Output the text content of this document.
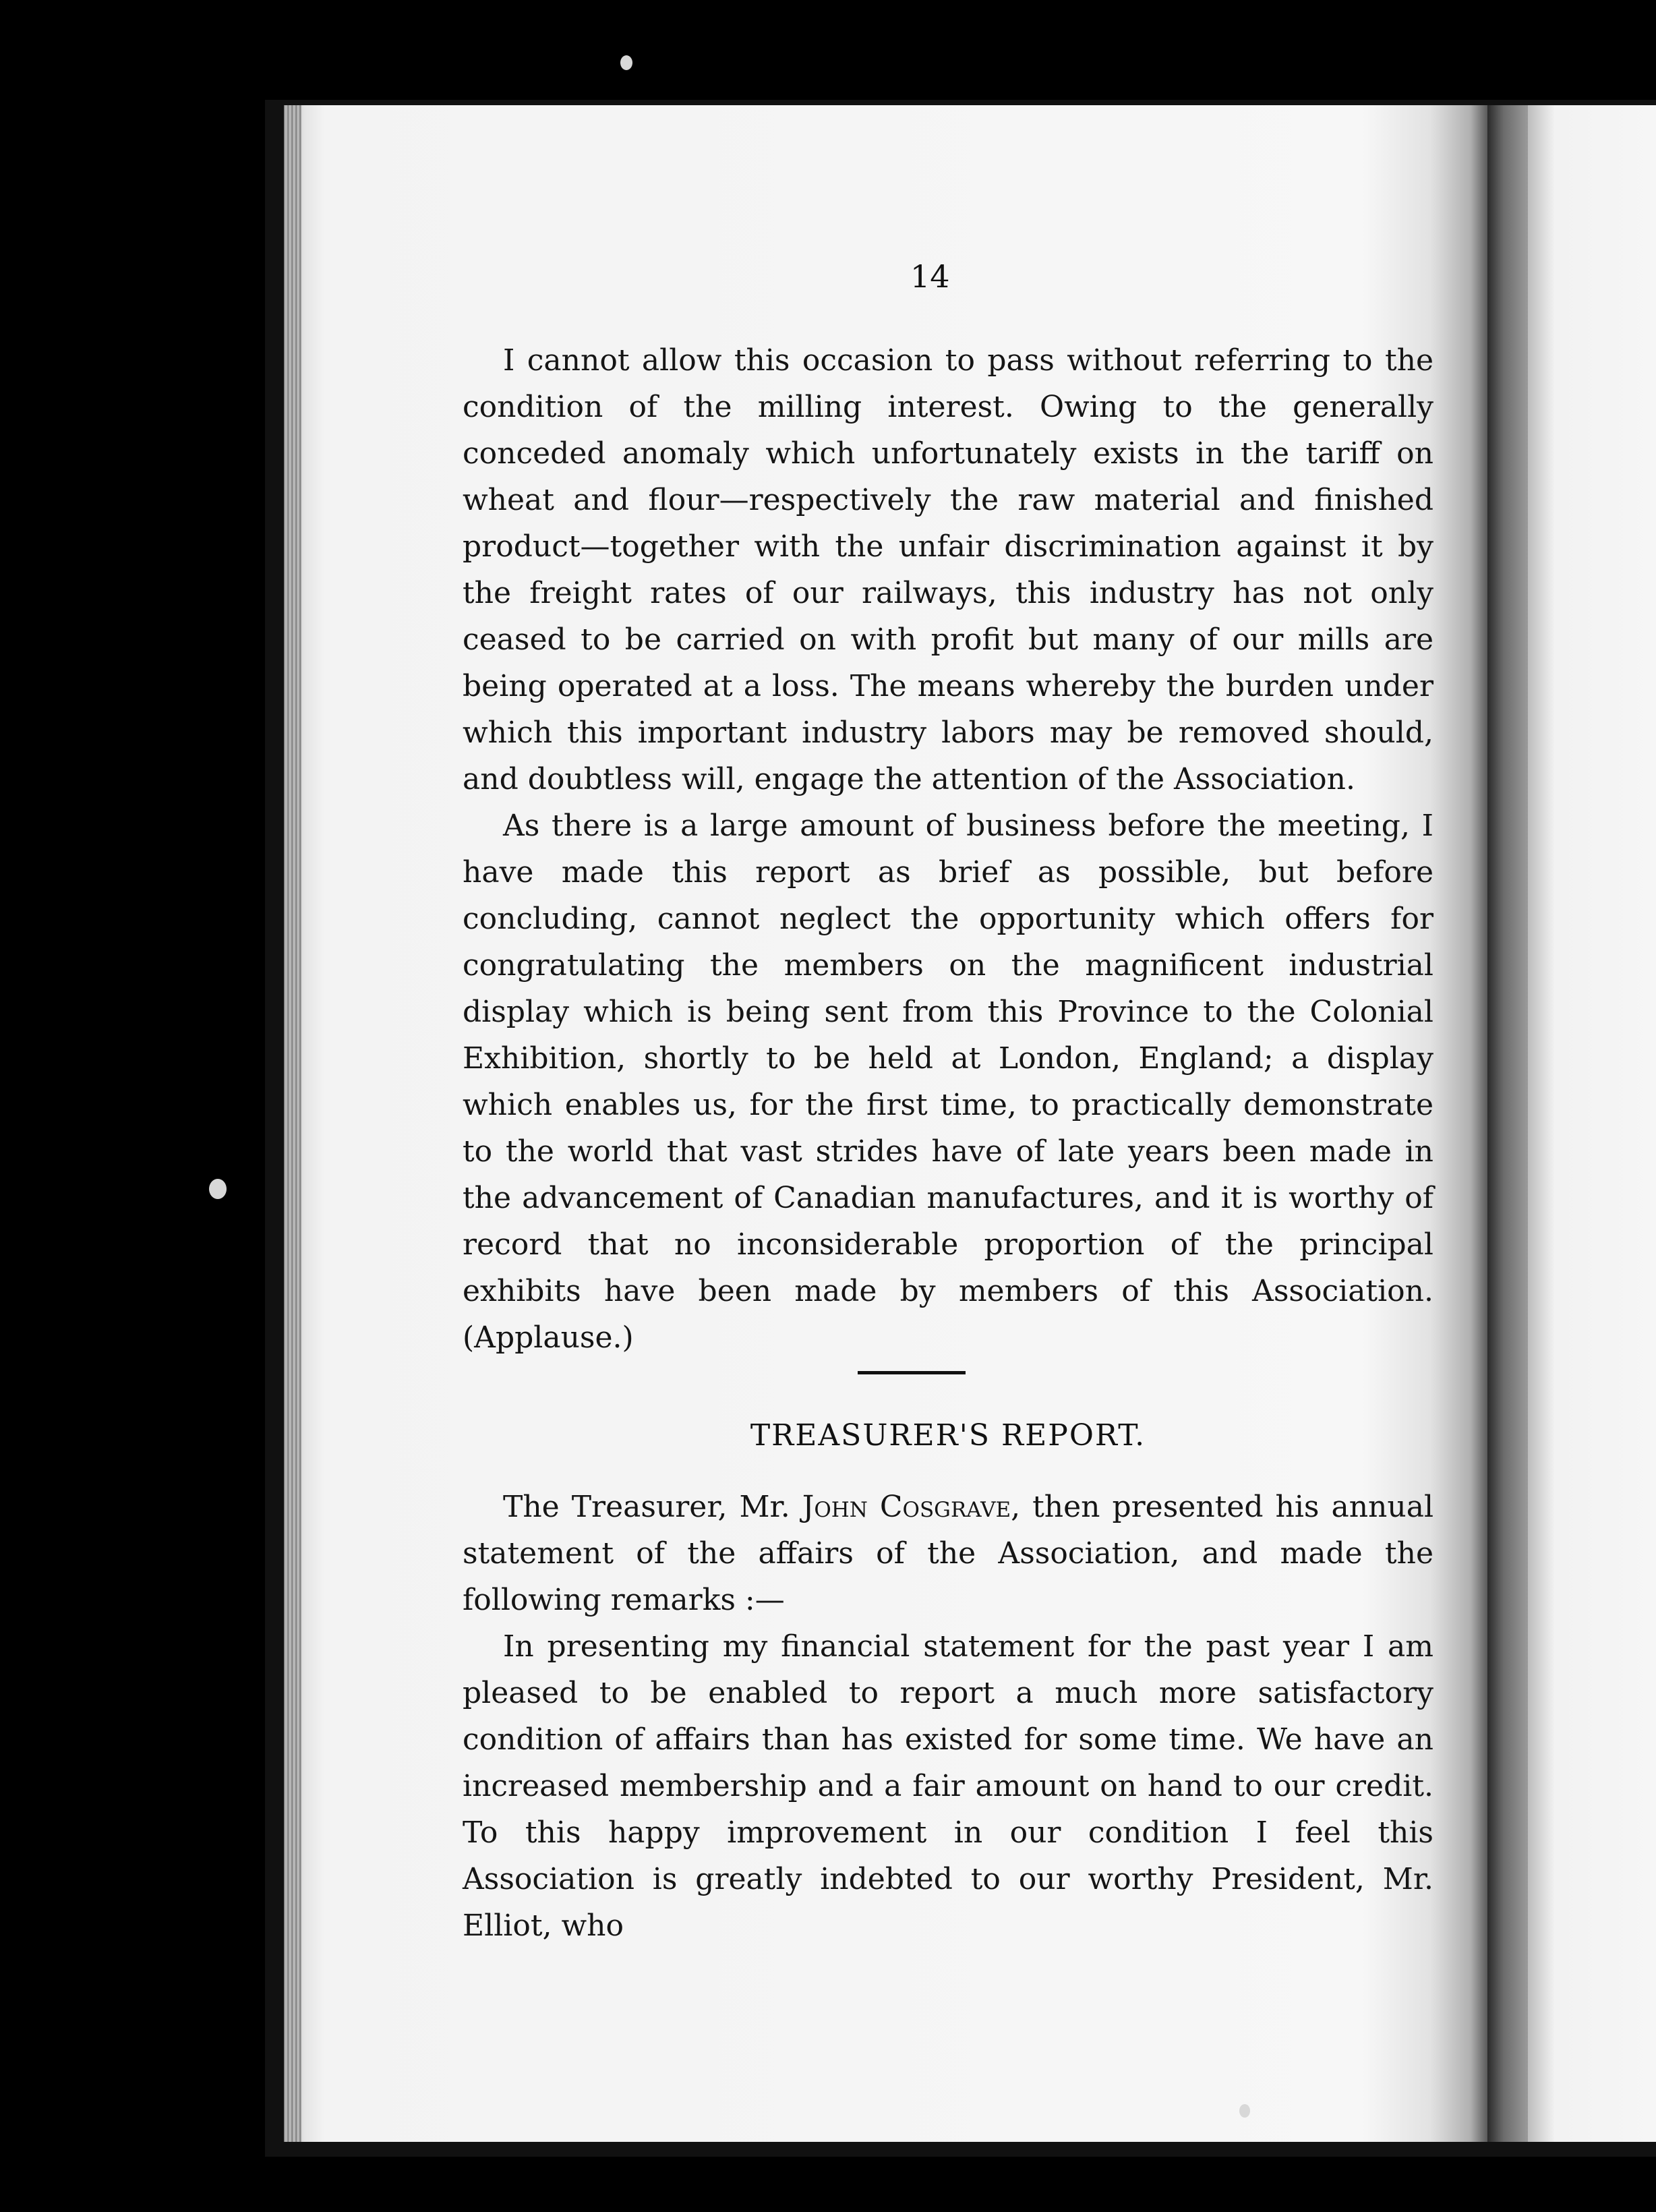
14

I cannot allow this occasion to pass without referring to the condition of the milling interest. Owing to the generally conceded anomaly which unfortunately exists in the tariff on wheat and flour—respectively the raw material and finished product—together with the unfair discrimination against it by the freight rates of our railways, this industry has not only ceased to be carried on with profit but many of our mills are being operated at a loss. The means whereby the burden under which this important industry labors may be removed should, and doubtless will, engage the attention of the Association.

As there is a large amount of business before the meeting, I have made this report as brief as possible, but before concluding, cannot neglect the opportunity which offers for congratulating the members on the magnificent industrial display which is being sent from this Province to the Colonial Exhibition, shortly to be held at London, England; a display which enables us, for the first time, to practically demonstrate to the world that vast strides have of late years been made in the advancement of Canadian manufactures, and it is worthy of record that no inconsiderable proportion of the principal exhibits have been made by members of this Association. (Applause.)

TREASURER'S REPORT.

The Treasurer, Mr. John Cosgrave, then presented his annual statement of the affairs of the Association, and made the following remarks :—

In presenting my financial statement for the past year I am pleased to be enabled to report a much more satisfactory condition of affairs than has existed for some time. We have an increased membership and a fair amount on hand to our credit. To this happy improvement in our condition I feel this Association is greatly indebted to our worthy President, Mr. Elliot, who
